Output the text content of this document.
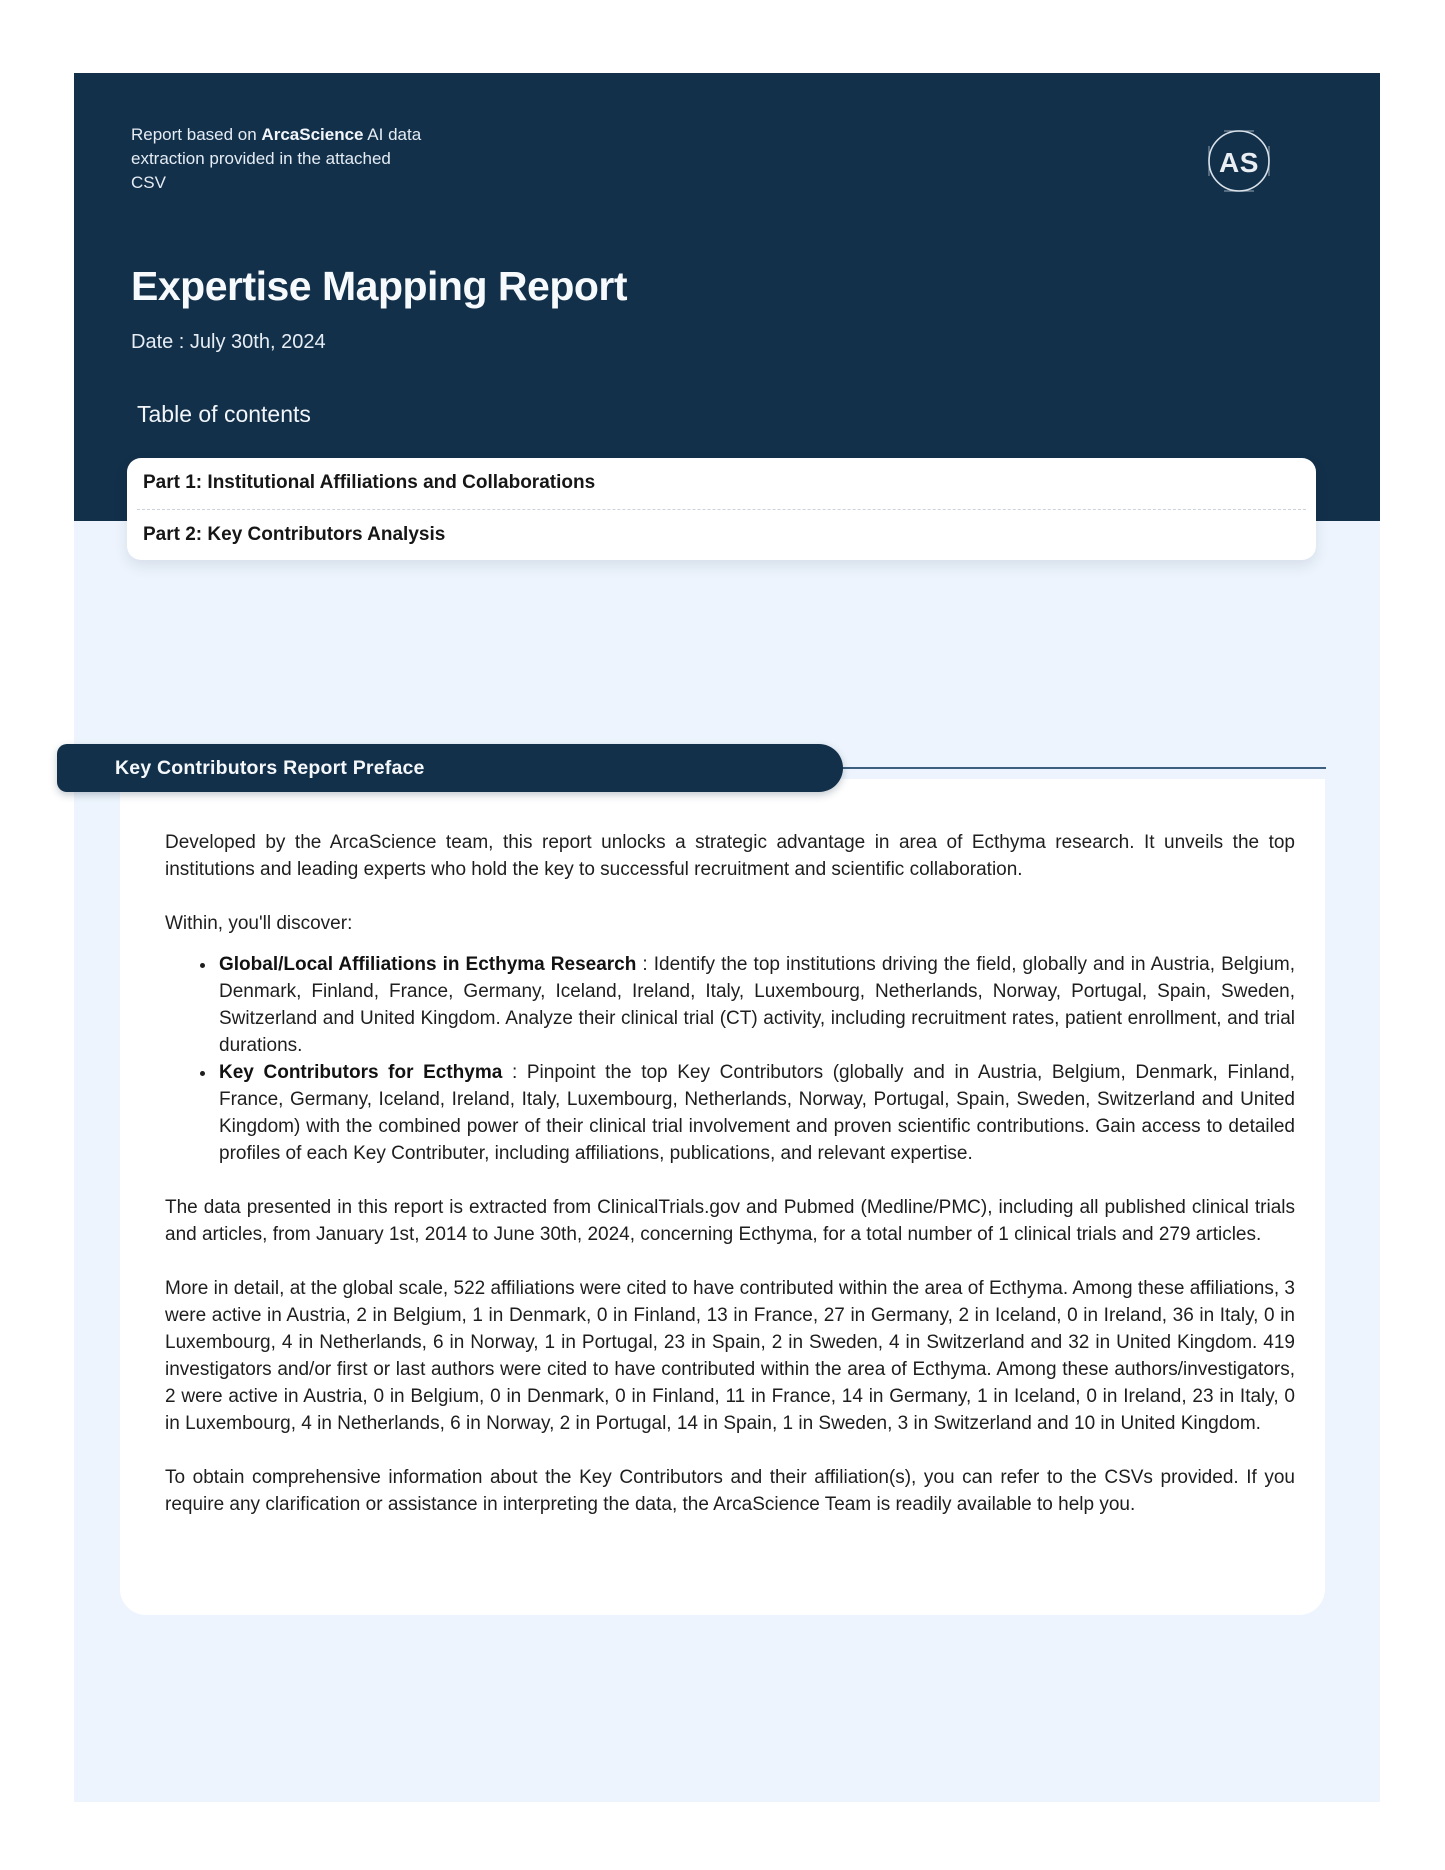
Report based on ArcaScience AI data
extraction provided in the attached
CSV
AS
Expertise Mapping Report
Date : July 30th, 2024
Table of contents
Part 1: Institutional Affiliations and Collaborations
Part 2: Key Contributors Analysis
Key Contributors Report Preface

Developed by the ArcaScience team, this report unlocks a strategic advantage in area of Ecthyma research. It unveils the top institutions and leading experts who hold the key to successful recruitment and scientific collaboration.

Within, you'll discover:

• Global/Local Affiliations in Ecthyma Research : Identify the top institutions driving the field, globally and in Austria, Belgium, Denmark, Finland, France, Germany, Iceland, Ireland, Italy, Luxembourg, Netherlands, Norway, Portugal, Spain, Sweden, Switzerland and United Kingdom. Analyze their clinical trial (CT) activity, including recruitment rates, patient enrollment, and trial durations.
• Key Contributors for Ecthyma : Pinpoint the top Key Contributors (globally and in Austria, Belgium, Denmark, Finland, France, Germany, Iceland, Ireland, Italy, Luxembourg, Netherlands, Norway, Portugal, Spain, Sweden, Switzerland and United Kingdom) with the combined power of their clinical trial involvement and proven scientific contributions. Gain access to detailed profiles of each Key Contributer, including affiliations, publications, and relevant expertise.

The data presented in this report is extracted from ClinicalTrials.gov and Pubmed (Medline/PMC), including all published clinical trials and articles, from January 1st, 2014 to June 30th, 2024, concerning Ecthyma, for a total number of 1 clinical trials and 279 articles.

More in detail, at the global scale, 522 affiliations were cited to have contributed within the area of Ecthyma. Among these affiliations, 3 were active in Austria, 2 in Belgium, 1 in Denmark, 0 in Finland, 13 in France, 27 in Germany, 2 in Iceland, 0 in Ireland, 36 in Italy, 0 in Luxembourg, 4 in Netherlands, 6 in Norway, 1 in Portugal, 23 in Spain, 2 in Sweden, 4 in Switzerland and 32 in United Kingdom. 419 investigators and/or first or last authors were cited to have contributed within the area of Ecthyma. Among these authors/investigators, 2 were active in Austria, 0 in Belgium, 0 in Denmark, 0 in Finland, 11 in France, 14 in Germany, 1 in Iceland, 0 in Ireland, 23 in Italy, 0 in Luxembourg, 4 in Netherlands, 6 in Norway, 2 in Portugal, 14 in Spain, 1 in Sweden, 3 in Switzerland and 10 in United Kingdom.

To obtain comprehensive information about the Key Contributors and their affiliation(s), you can refer to the CSVs provided. If you require any clarification or assistance in interpreting the data, the ArcaScience Team is readily available to help you.
